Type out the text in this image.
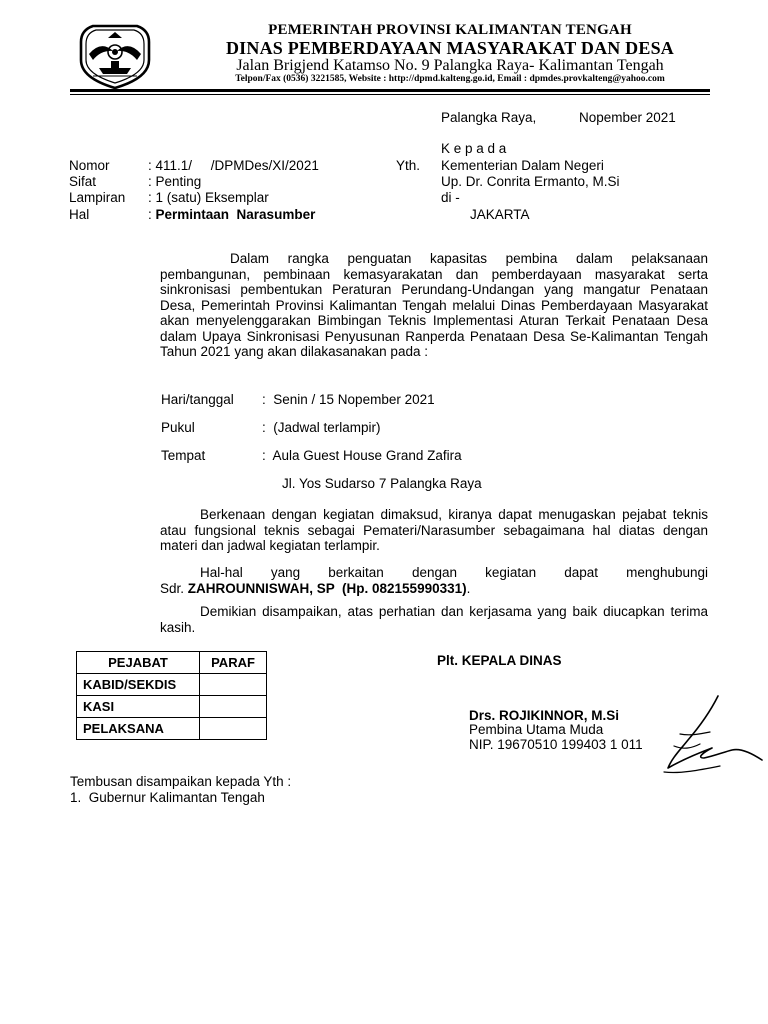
PEMERINTAH PROVINSI KALIMANTAN TENGAH
DINAS PEMBERDAYAAN MASYARAKAT DAN DESA
Jalan Brigjend Katamso No. 9 Palangka Raya- Kalimantan Tengah
Telpon/Fax (0536) 3221585, Website : http://dpmd.kalteng.go.id, Email : dpmdes.provkalteng@yahoo.com
Palangka Raya,	Nopember 2021
K e p a d a
Yth. Kementerian Dalam Negeri
Up. Dr. Conrita Ermanto, M.Si
di -
JAKARTA
Nomor	: 411.1/     /DPMDes/XI/2021
Sifat	: Penting
Lampiran : 1 (satu) Eksemplar
Hal	: Permintaan  Narasumber

Dalam rangka penguatan kapasitas pembina dalam pelaksanaan pembangunan, pembinaan kemasyarakatan dan pemberdayaan masyarakat serta sinkronisasi pembentukan Peraturan Perundang-Undangan yang mangatur Penataan Desa, Pemerintah Provinsi Kalimantan Tengah melalui Dinas Pemberdayaan Masyarakat akan menyelenggarakan Bimbingan Teknis Implementasi Aturan Terkait Penataan Desa dalam Upaya Sinkronisasi Penyusunan Ranperda Penataan Desa Se-Kalimantan Tengah Tahun 2021 yang akan dilakasanakan pada :

Hari/tanggal :  Senin / 15 Nopember 2021
Pukul	:  (Jadwal terlampir)
Tempat	:  Aula Guest House Grand Zafira
Jl. Yos Sudarso 7 Palangka Raya

Berkenaan dengan kegiatan dimaksud, kiranya dapat menugaskan pejabat teknis atau fungsional teknis sebagai Pemateri/Narasumber sebagaimana hal diatas dengan materi dan jadwal kegiatan terlampir.

Hal-hal yang berkaitan dengan kegiatan dapat menghubungi
Sdr. ZAHROUNNISWAH, SP  (Hp. 082155990331).

Demikian disampaikan, atas perhatian dan kerjasama yang baik diucapkan terima kasih.

PEJABAT	PARAF
KABID/SEKDIS	
KASI	
PELAKSANA	
Plt. KEPALA DINAS
Drs. ROJIKINNOR, M.Si
Pembina Utama Muda
NIP. 19670510 199403 1 011
Tembusan disampaikan kepada Yth :
1.  Gubernur Kalimantan Tengah
